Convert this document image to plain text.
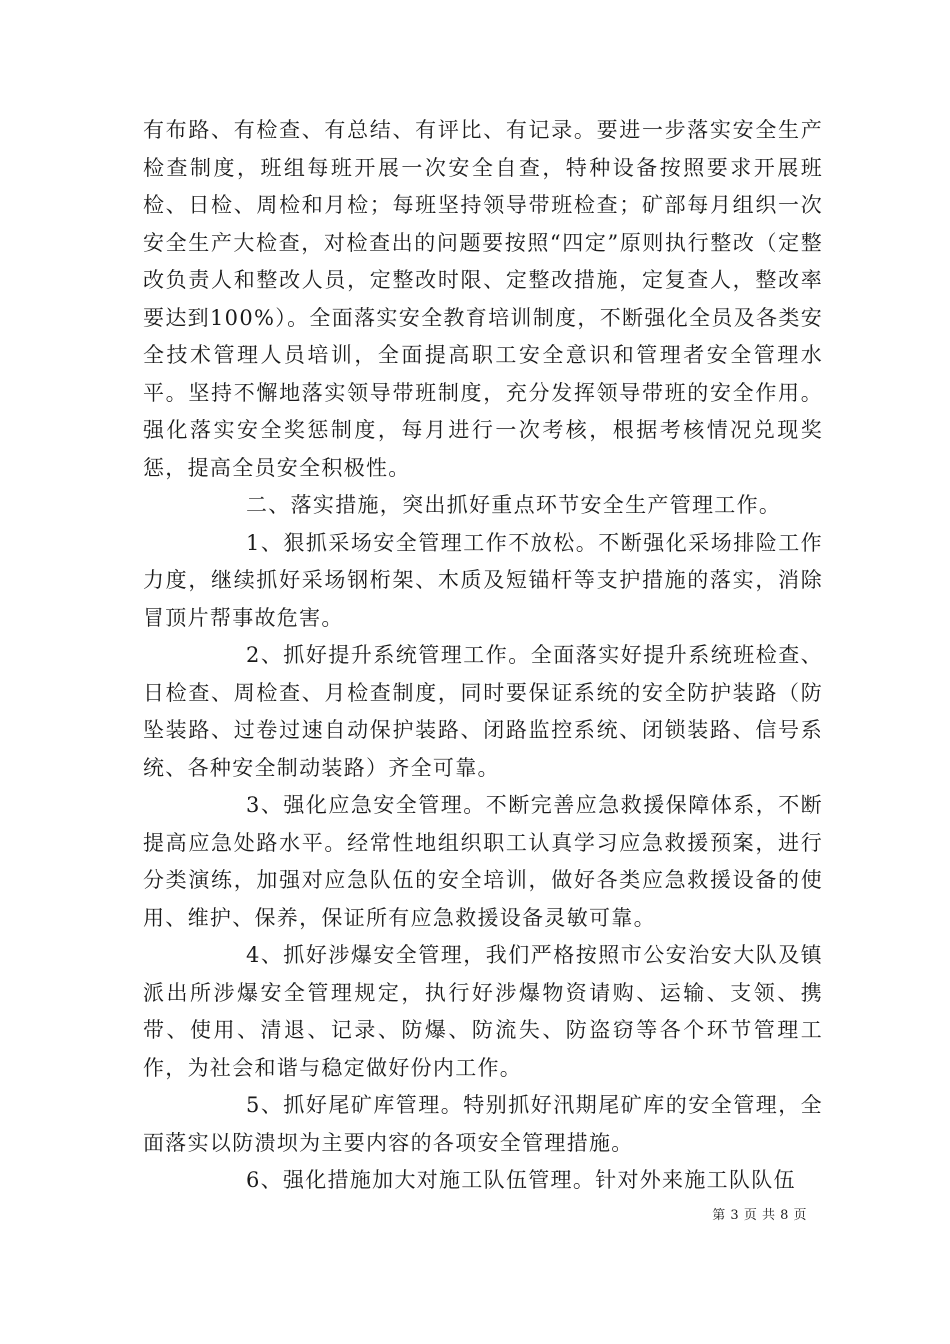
有布路、有检查、有总结、有评比、有记录。要进一步落实安全生产检查制度，班组每班开展一次安全自查，特种设备按照要求开展班检、日检、周检和月检；每班坚持领导带班检查；矿部每月组织一次安全生产大检查，对检查出的问题要按照“四定”原则执行整改（定整改负责人和整改人员，定整改时限、定整改措施，定复查人，整改率要达到100%）。全面落实安全教育培训制度，不断强化全员及各类安全技术管理人员培训，全面提高职工安全意识和管理者安全管理水平。坚持不懈地落实领导带班制度，充分发挥领导带班的安全作用。强化落实安全奖惩制度，每月进行一次考核，根据考核情况兑现奖惩，提高全员安全积极性。

二、落实措施，突出抓好重点环节安全生产管理工作。

1、狠抓采场安全管理工作不放松。不断强化采场排险工作力度，继续抓好采场钢桁架、木质及短锚杆等支护措施的落实，消除冒顶片帮事故危害。

2、抓好提升系统管理工作。全面落实好提升系统班检查、日检查、周检查、月检查制度，同时要保证系统的安全防护装路（防坠装路、过卷过速自动保护装路、闭路监控系统、闭锁装路、信号系统、各种安全制动装路）齐全可靠。

3、强化应急安全管理。不断完善应急救援保障体系，不断提高应急处路水平。经常性地组织职工认真学习应急救援预案，进行分类演练，加强对应急队伍的安全培训，做好各类应急救援设备的使用、维护、保养，保证所有应急救援设备灵敏可靠。

4、抓好涉爆安全管理，我们严格按照市公安治安大队及镇派出所涉爆安全管理规定，执行好涉爆物资请购、运输、支领、携带、使用、清退、记录、防爆、防流失、防盗窃等各个环节管理工作，为社会和谐与稳定做好份内工作。

5、抓好尾矿库管理。特别抓好汛期尾矿库的安全管理，全面落实以防溃坝为主要内容的各项安全管理措施。

6、强化措施加大对施工队伍管理。针对外来施工队队伍

第 3 页 共 8 页
